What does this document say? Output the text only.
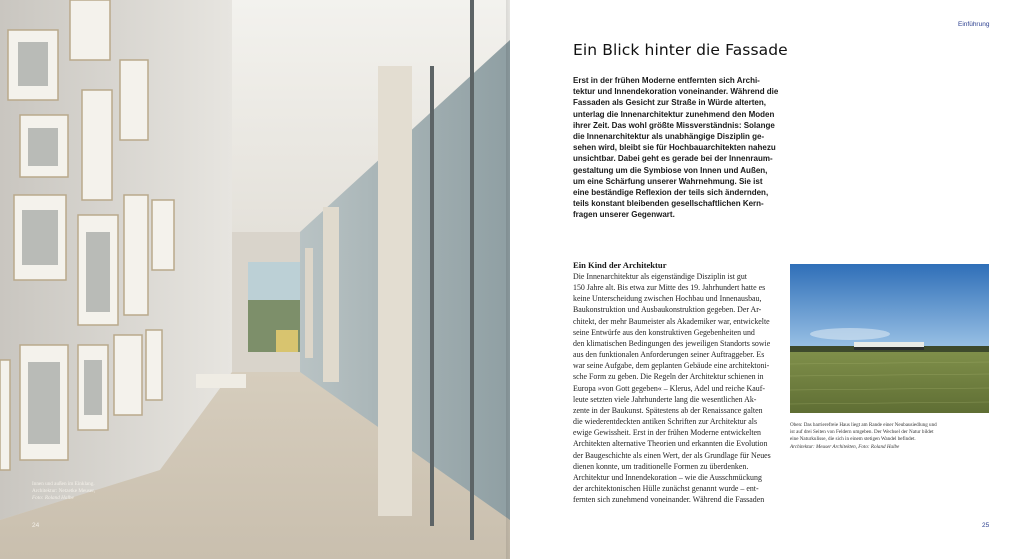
Innen und außen im Einklang.
Architektur: Netzetke Meuser,
Foto: Roland Halbe
24
Einführung
Ein Blick hinter die Fassade

Erst in der frühen Moderne entfernten sich Archi-
tektur und Innendekoration voneinander. Während die
Fassaden als Gesicht zur Straße in Würde alterten,
unterlag die Innenarchitektur zunehmend den Moden
ihrer Zeit. Das wohl größte Missverständnis: Solange
die Innenarchitektur als unabhängige Disziplin ge-
sehen wird, bleibt sie für Hochbauarchitekten nahezu
unsichtbar. Dabei geht es gerade bei der Innenraum-
gestaltung um die Symbiose von Innen und Außen,
um eine Schärfung unserer Wahrnehmung. Sie ist
eine beständige Reflexion der teils sich ändernden,
teils konstant bleibenden gesellschaftlichen Kern-
fragen unserer Gegenwart.

Ein Kind der Architektur

Die Innenarchitektur als eigenständige Disziplin ist gut
150 Jahre alt. Bis etwa zur Mitte des 19. Jahrhundert hatte es
keine Unterscheidung zwischen Hochbau und Innenausbau,
Baukonstruktion und Ausbaukonstruktion gegeben. Der Ar-
chitekt, der mehr Baumeister als Akademiker war, entwickelte
seine Entwürfe aus den konstruktiven Gegebenheiten und
den klimatischen Bedingungen des jeweiligen Standorts sowie
aus den funktionalen Anforderungen seiner Auftraggeber. Es
war seine Aufgabe, dem geplanten Gebäude eine architektoni-
sche Form zu geben. Die Regeln der Architektur schienen in
Europa »von Gott gegeben« – Klerus, Adel und reiche Kauf-
leute setzten viele Jahrhunderte lang die wesentlichen Ak-
zente in der Baukunst. Spätestens ab der Renaissance galten
die wiederentdeckten antiken Schriften zur Architektur als
ewige Gewissheit. Erst in der frühen Moderne entwickelten
Architekten alternative Theorien und erkannten die Evolution
der Baugeschichte als einen Wert, der als Grundlage für Neues
dienen konnte, um traditionelle Formen zu überdenken.
Architektur und Innendekoration – wie die Ausschmückung
der architektonischen Hülle zunächst genannt wurde – ent-
fernten sich zunehmend voneinander. Während die Fassaden

Oben: Das barrierefreie Haus liegt am Rande einer Neubausiedlung und
ist auf drei Seiten von Feldern umgeben. Der Wechsel der Natur bildet
eine Naturkulisse, die sich in einem stetigen Wandel befindet.
Architektur: Meuser Architekten, Foto: Roland Halbe
25
